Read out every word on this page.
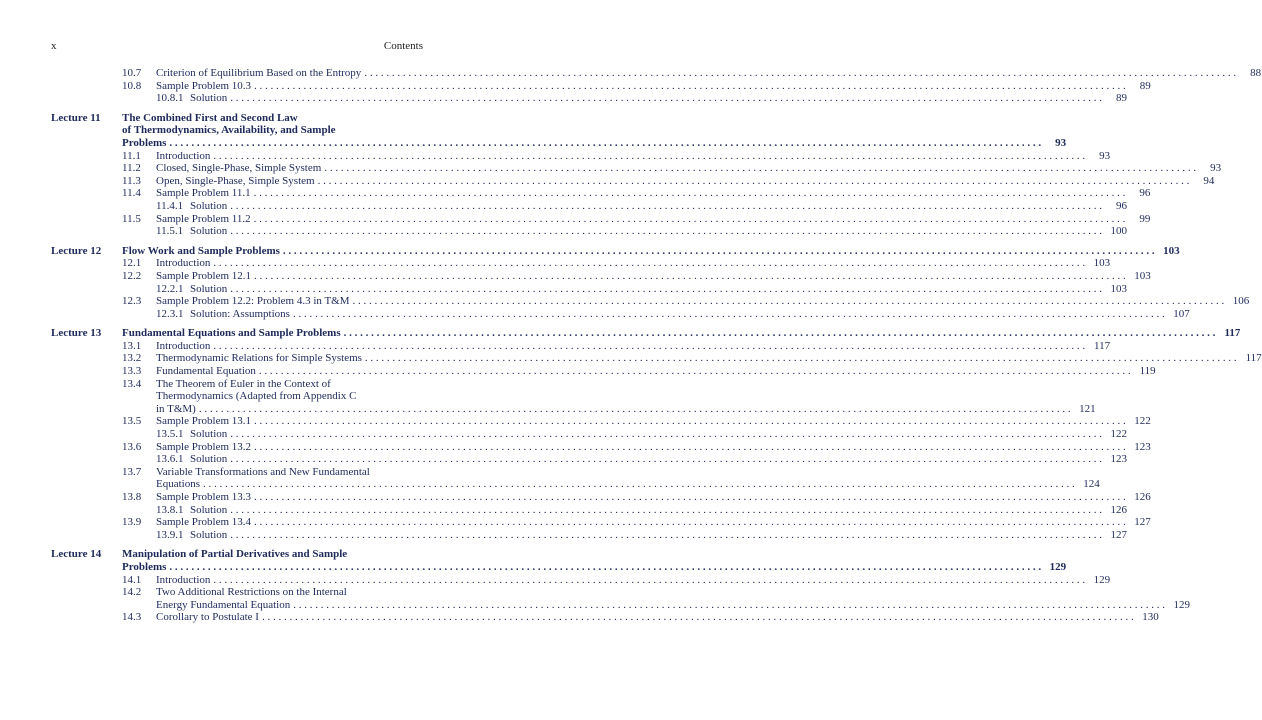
x	Contents
10.7	Criterion of Equilibrium Based on the Entropy . . .	88
10.8	Sample Problem 10.3 . . .	89
10.8.1 Solution . . .	89
Lecture 11	The Combined First and Second Law
of Thermodynamics, Availability, and Sample
Problems . . .	93
11.1	Introduction . . .	93
11.2	Closed, Single-Phase, Simple System . . .	93
11.3	Open, Single-Phase, Simple System . . .	94
11.4	Sample Problem 11.1 . . .	96
11.4.1 Solution . . .	96
11.5	Sample Problem 11.2 . . .	99
11.5.1 Solution . . .	100
Lecture 12	Flow Work and Sample Problems . . .	103
12.1	Introduction . . .	103
12.2	Sample Problem 12.1 . . .	103
12.2.1 Solution . . .	103
12.3	Sample Problem 12.2: Problem 4.3 in T&M . . .	106
12.3.1 Solution: Assumptions . . .	107
Lecture 13	Fundamental Equations and Sample Problems . . .	117
13.1	Introduction . . .	117
13.2	Thermodynamic Relations for Simple Systems . . .	117
13.3	Fundamental Equation . . .	119
13.4	The Theorem of Euler in the Context of
Thermodynamics (Adapted from Appendix C
in T&M) . . .	121
13.5	Sample Problem 13.1 . . .	122
13.5.1 Solution . . .	122
13.6	Sample Problem 13.2 . . .	123
13.6.1 Solution . . .	123
13.7	Variable Transformations and New Fundamental
Equations . . .	124
13.8	Sample Problem 13.3 . . .	126
13.8.1 Solution . . .	126
13.9	Sample Problem 13.4 . . .	127
13.9.1 Solution . . .	127
Lecture 14	Manipulation of Partial Derivatives and Sample
Problems . . .	129
14.1	Introduction . . .	129
14.2	Two Additional Restrictions on the Internal
Energy Fundamental Equation . . .	129
14.3	Corollary to Postulate I . . .	130
